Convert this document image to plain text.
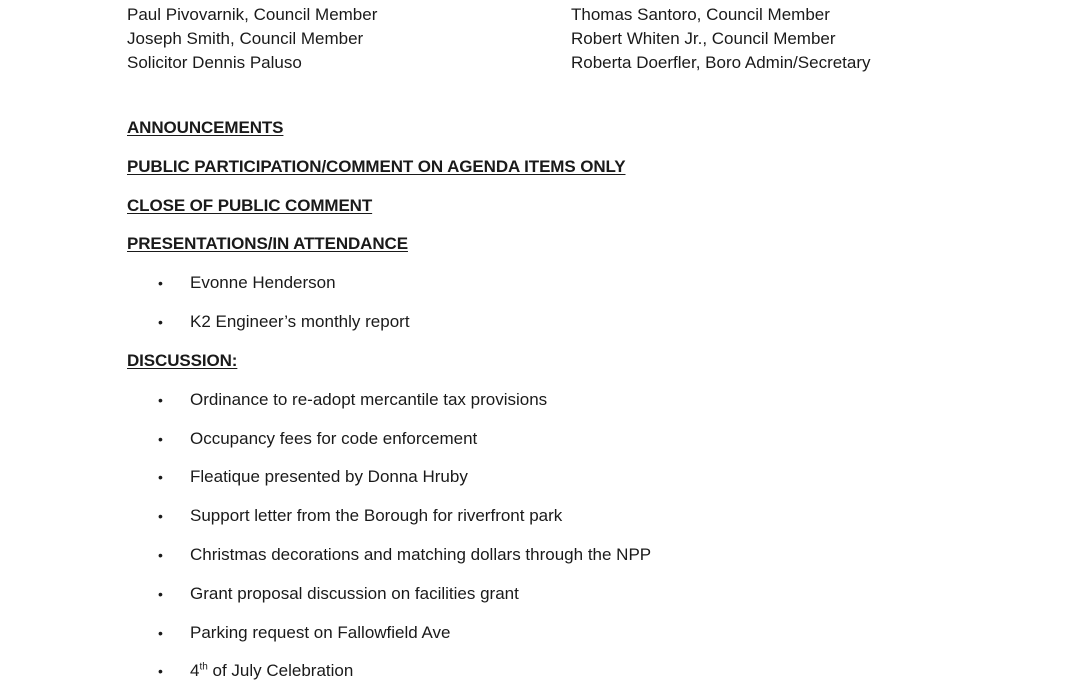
Paul Pivovarnik, Council Member	Thomas Santoro, Council Member
Joseph Smith, Council Member	Robert Whiten Jr., Council Member
Solicitor Dennis Paluso	Roberta Doerfler, Boro Admin/Secretary
ANNOUNCEMENTS
PUBLIC PARTICIPATION/COMMENT ON AGENDA ITEMS ONLY
CLOSE OF PUBLIC COMMENT
PRESENTATIONS/IN ATTENDANCE
• Evonne Henderson
• K2 Engineer’s monthly report
DISCUSSION:
• Ordinance to re-adopt mercantile tax provisions
• Occupancy fees for code enforcement
• Fleatique presented by Donna Hruby
• Support letter from the Borough for riverfront park
• Christmas decorations and matching dollars through the NPP
• Grant proposal discussion on facilities grant
• Parking request on Fallowfield Ave
• 4th of July Celebration
